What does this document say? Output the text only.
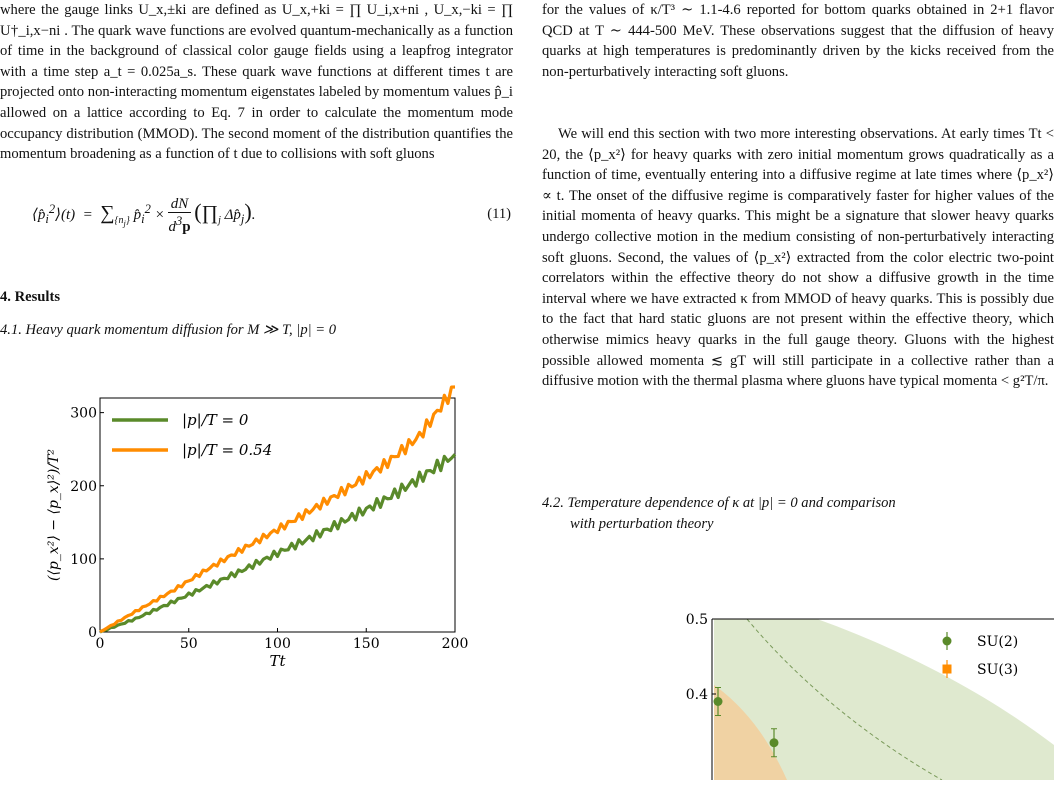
where the gauge links U_x,±ki are defined as U_x,+ki = ∏ U_i,x+ni , U_x,−ki = ∏ U†_i,x−ni . The quark wave functions are evolved quantum-mechanically as a function of time in the background of classical color gauge fields using a leapfrog integrator with a time step a_t = 0.025a_s. These quark wave functions at different times t are projected onto non-interacting momentum eigenstates labeled by momentum values p̂_i allowed on a lattice according to Eq. 7 in order to calculate the momentum mode occupancy distribution (MMOD). The second moment of the distribution quantifies the momentum broadening as a function of t due to collisions with soft gluons

$⟨p̂_i^2⟩(t) = \sum_{\{n_j\}}$ $p̂_i^2 \times \frac{dN}{d^3p}$ ($\prod_j$ $\Delta p̂_j$).	(11)
4. Results
4.1. Heavy quark momentum diffusion for M ≫ T, |p| = 0
0	50	100	150	200
0
100
200
300
Tt
(⟨p_x²⟩ − ⟨p_x⟩²)/T²
|p|/T = 0
|p|/T = 0.54

for the values of κ/T³ ∼ 1.1-4.6 reported for bottom quarks obtained in 2+1 flavor QCD at T ∼ 444-500 MeV. These observations suggest that the diffusion of heavy quarks at high temperatures is predominantly driven by the kicks received from the non-perturbatively interacting soft gluons.

We will end this section with two more interesting observations. At early times Tt < 20, the ⟨p_x²⟩ for heavy quarks with zero initial momentum grows quadratically as a function of time, eventually entering into a diffusive regime at late times where ⟨p_x²⟩ ∝ t. The onset of the diffusive regime is comparatively faster for higher values of the initial momenta of heavy quarks. This might be a signature that slower heavy quarks undergo collective motion in the medium consisting of non-perturbatively interacting soft gluons. Second, the values of ⟨p_x²⟩ extracted from the color electric two-point correlators within the effective theory do not show a diffusive growth in the time interval where we have extracted κ from MMOD of heavy quarks. This is possibly due to the fact that hard static gluons are not present within the effective theory, which otherwise mimics heavy quarks in the full gauge theory. Gluons with the highest possible allowed momenta ≲ gT will still participate in a collective rather than a diffusive motion with the thermal plasma where gluons have typical momenta < g²T/π.

4.2. Temperature dependence of κ at |p| = 0 and comparison
with perturbation theory
0.4
0.5
SU(2)
SU(3)
